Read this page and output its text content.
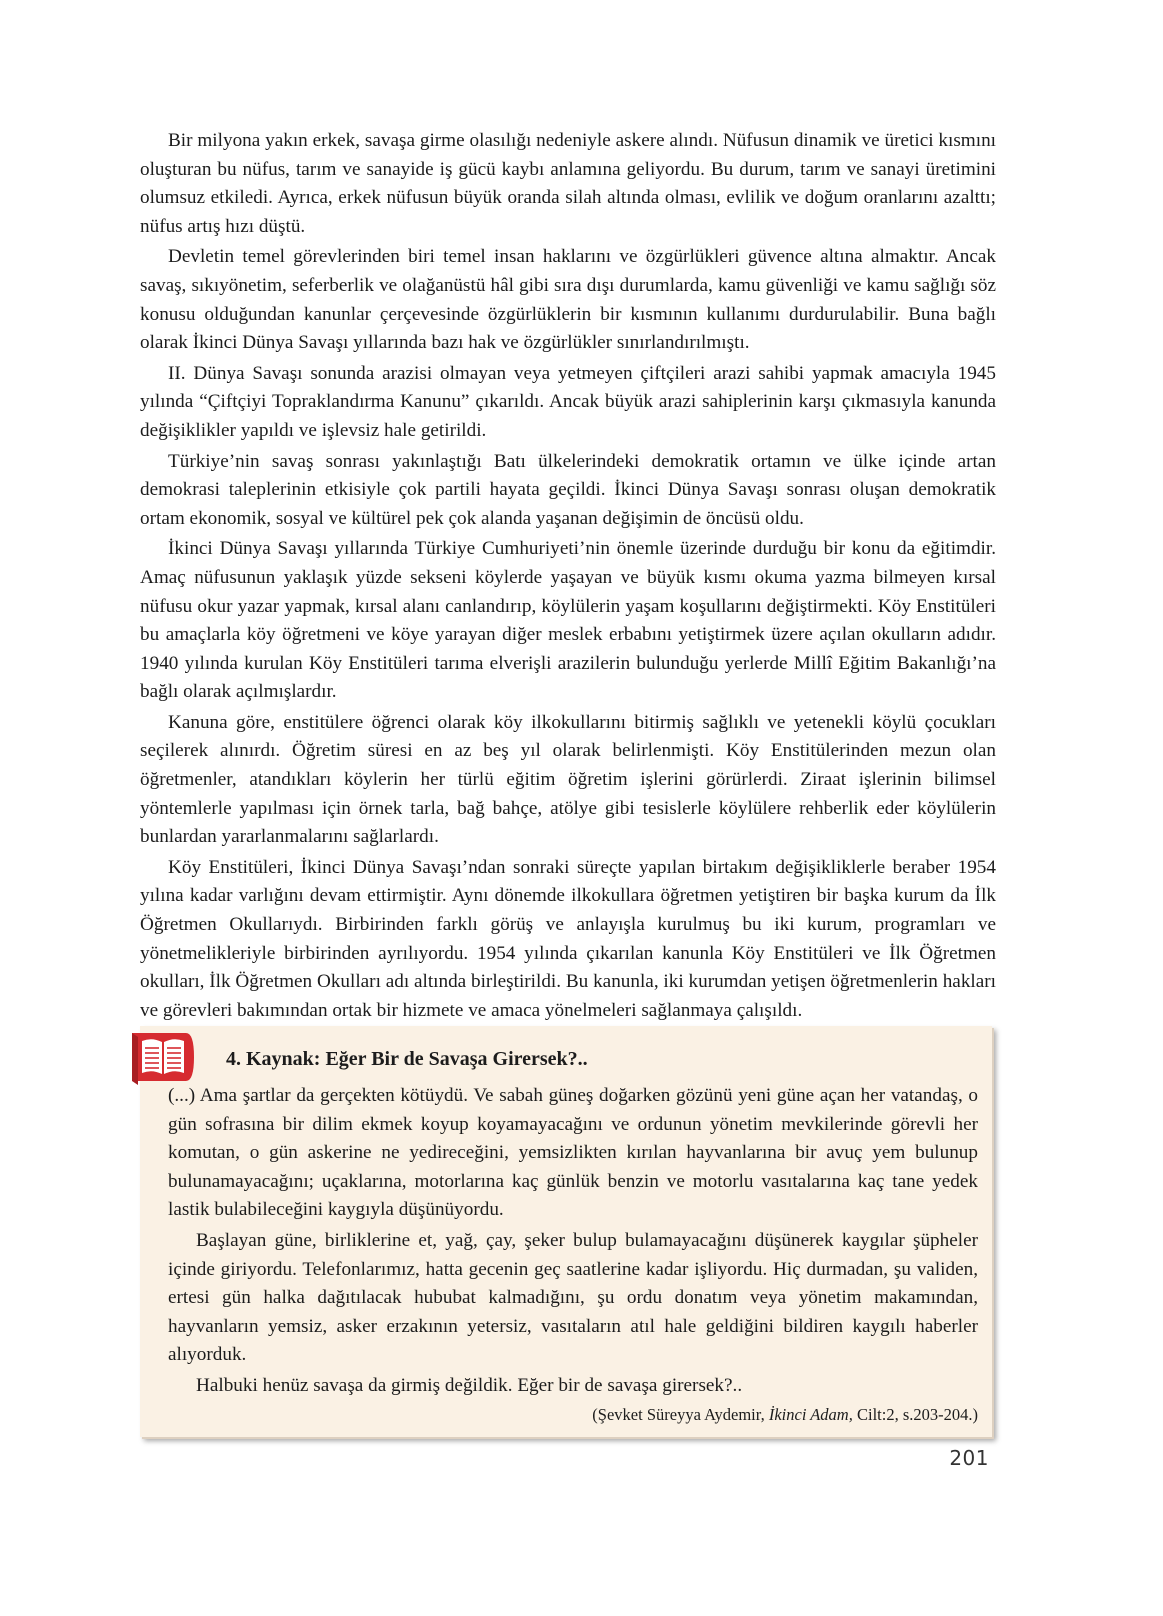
Bir milyona yakın erkek, savaşa girme olasılığı nedeniyle askere alındı. Nüfusun dinamik ve üretici kısmını oluşturan bu nüfus, tarım ve sanayide iş gücü kaybı anlamına geliyordu. Bu durum, tarım ve sanayi üretimini olumsuz etkiledi. Ayrıca, erkek nüfusun büyük oranda silah altında olması, evlilik ve doğum oranlarını azalttı; nüfus artış hızı düştü.

Devletin temel görevlerinden biri temel insan haklarını ve özgürlükleri güvence altına almaktır. Ancak savaş, sıkıyönetim, seferberlik ve olağanüstü hâl gibi sıra dışı durumlarda, kamu güvenliği ve kamu sağlığı söz konusu olduğundan kanunlar çerçevesinde özgürlüklerin bir kısmının kullanımı durdurulabilir. Buna bağlı olarak İkinci Dünya Savaşı yıllarında bazı hak ve özgürlükler sınırlandırılmıştı.

II. Dünya Savaşı sonunda arazisi olmayan veya yetmeyen çiftçileri arazi sahibi yapmak amacıyla 1945 yılında “Çiftçiyi Topraklandırma Kanunu” çıkarıldı. Ancak büyük arazi sahiplerinin karşı çıkmasıyla kanunda değişiklikler yapıldı ve işlevsiz hale getirildi.

Türkiye’nin savaş sonrası yakınlaştığı Batı ülkelerindeki demokratik ortamın ve ülke içinde artan demokrasi taleplerinin etkisiyle çok partili hayata geçildi. İkinci Dünya Savaşı sonrası oluşan demokratik ortam ekonomik, sosyal ve kültürel pek çok alanda yaşanan değişimin de öncüsü oldu.

İkinci Dünya Savaşı yıllarında Türkiye Cumhuriyeti’nin önemle üzerinde durduğu bir konu da eğitimdir. Amaç nüfusunun yaklaşık yüzde sekseni köylerde yaşayan ve büyük kısmı okuma yazma bilmeyen kırsal nüfusu okur yazar yapmak, kırsal alanı canlandırıp, köylülerin yaşam koşullarını değiştirmekti. Köy Enstitüleri bu amaçlarla köy öğretmeni ve köye yarayan diğer meslek erbabını yetiştirmek üzere açılan okulların adıdır. 1940 yılında kurulan Köy Enstitüleri tarıma elverişli arazilerin bulunduğu yerlerde Millî Eğitim Bakanlığı’na bağlı olarak açılmışlardır.

Kanuna göre, enstitülere öğrenci olarak köy ilkokullarını bitirmiş sağlıklı ve yetenekli köylü çocukları seçilerek alınırdı. Öğretim süresi en az beş yıl olarak belirlenmişti. Köy Enstitülerinden mezun olan öğretmenler, atandıkları köylerin her türlü eğitim öğretim işlerini görürlerdi. Ziraat işlerinin bilimsel yöntemlerle yapılması için örnek tarla, bağ bahçe, atölye gibi tesislerle köylülere rehberlik eder köylülerin bunlardan yararlanmalarını sağlarlardı.

Köy Enstitüleri, İkinci Dünya Savaşı’ndan sonraki süreçte yapılan birtakım değişikliklerle beraber 1954 yılına kadar varlığını devam ettirmiştir. Aynı dönemde ilkokullara öğretmen yetiştiren bir başka kurum da İlk Öğretmen Okullarıydı. Birbirinden farklı görüş ve anlayışla kurulmuş bu iki kurum, programları ve yönetmelikleriyle birbirinden ayrılıyordu. 1954 yılında çıkarılan kanunla Köy Enstitüleri ve İlk Öğretmen okulları, İlk Öğretmen Okulları adı altında birleştirildi. Bu kanunla, iki kurumdan yetişen öğretmenlerin hakları ve görevleri bakımından ortak bir hizmete ve amaca yönelmeleri sağlanmaya çalışıldı.

4. Kaynak: Eğer Bir de Savaşa Girersek?..

(...) Ama şartlar da gerçekten kötüydü. Ve sabah güneş doğarken gözünü yeni güne açan her vatandaş, o gün sofrasına bir dilim ekmek koyup koyamayacağını ve ordunun yönetim mevkilerinde görevli her komutan, o gün askerine ne yedireceğini, yemsizlikten kırılan hayvanlarına bir avuç yem bulunup bulunamayacağını; uçaklarına, motorlarına kaç günlük benzin ve motorlu vasıtalarına kaç tane yedek lastik bulabileceğini kaygıyla düşünüyordu.

Başlayan güne, birliklerine et, yağ, çay, şeker bulup bulamayacağını düşünerek kaygılar şüpheler içinde giriyordu. Telefonlarımız, hatta gecenin geç saatlerine kadar işliyordu. Hiç durmadan, şu validen, ertesi gün halka dağıtılacak hububat kalmadığını, şu ordu donatım veya yönetim makamından, hayvanların yemsiz, asker erzakının yetersiz, vasıtaların atıl hale geldiğini bildiren kaygılı haberler alıyorduk.

Halbuki henüz savaşa da girmiş değildik. Eğer bir de savaşa girersek?..

(Şevket Süreyya Aydemir, İkinci Adam, Cilt:2, s.203-204.)
201
